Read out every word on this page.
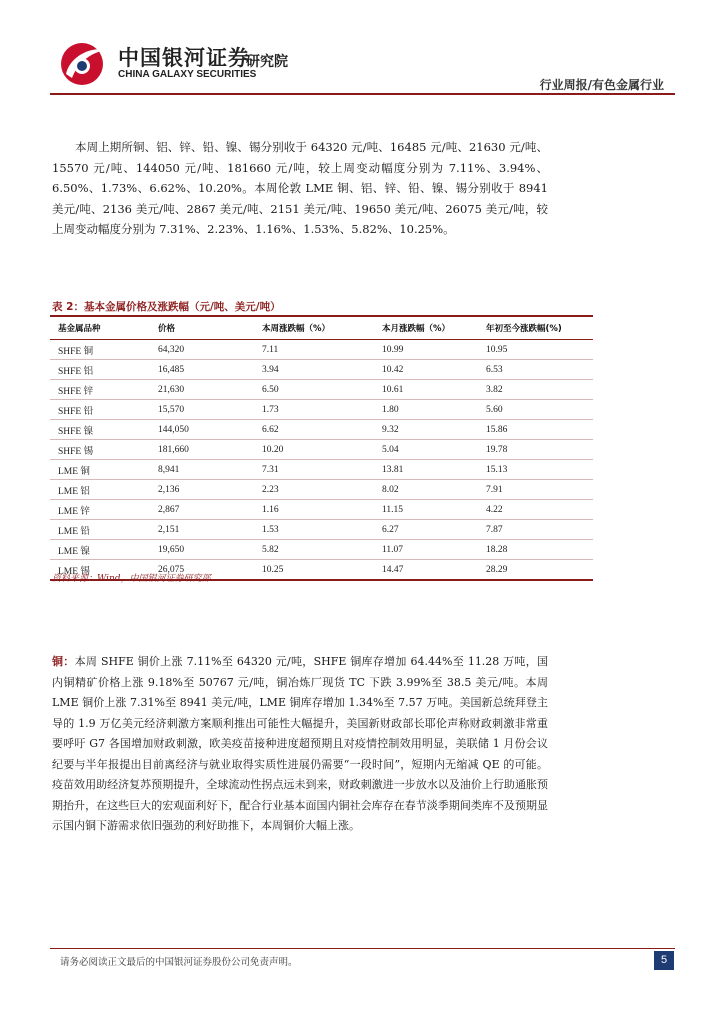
中国银河证券
CHINA GALAXY SECURITIES
研究院
行业周报/有色金属行业

本周上期所铜、铝、锌、铅、镍、锡分别收于 64320 元/吨、16485 元/吨、21630 元/吨、15570 元/吨、144050 元/吨、181660 元/吨，较上周变动幅度分别为 7.11%、3.94%、6.50%、1.73%、6.62%、10.20%。本周伦敦 LME 铜、铝、锌、铅、镍、锡分别收于 8941 美元/吨、2136 美元/吨、2867 美元/吨、2151 美元/吨、19650 美元/吨、26075 美元/吨，较上周变动幅度分别为 7.31%、2.23%、1.16%、1.53%、5.82%、10.25%。

表 2：基本金属价格及涨跌幅（元/吨、美元/吨）
基金属品种	价格	本周涨跌幅（%）	本月涨跌幅（%）	年初至今涨跌幅(%)
SHFE 铜	64,320	7.11	10.99	10.95
SHFE 铝	16,485	3.94	10.42	6.53
SHFE 锌	21,630	6.50	10.61	3.82
SHFE 铅	15,570	1.73	1.80	5.60
SHFE 镍	144,050	6.62	9.32	15.86
SHFE 锡	181,660	10.20	5.04	19.78
LME 铜	8,941	7.31	13.81	15.13
LME 铝	2,136	2.23	8.02	7.91
LME 锌	2,867	1.16	11.15	4.22
LME 铅	2,151	1.53	6.27	7.87
LME 镍	19,650	5.82	11.07	18.28
LME 锡	26,075	10.25	14.47	28.29
资料来源：Wind，中国银河证券研究部

铜：本周 SHFE 铜价上涨 7.11%至 64320 元/吨，SHFE 铜库存增加 64.44%至 11.28 万吨，国内铜精矿价格上涨 9.18%至 50767 元/吨，铜冶炼厂现货 TC 下跌 3.99%至 38.5 美元/吨。本周 LME 铜价上涨 7.31%至 8941 美元/吨，LME 铜库存增加 1.34%至 7.57 万吨。美国新总统拜登主导的 1.9 万亿美元经济刺激方案顺利推出可能性大幅提升，美国新财政部长耶伦声称财政刺激非常重要呼吁 G7 各国增加财政刺激，欧美疫苗接种进度超预期且对疫情控制效用明显，美联储 1 月份会议纪要与半年报提出目前离经济与就业取得实质性进展仍需要“一段时间”，短期内无缩减 QE 的可能。疫苗效用助经济复苏预期提升，全球流动性拐点远未到来，财政刺激进一步放水以及油价上行助通胀预期抬升，在这些巨大的宏观面利好下，配合行业基本面国内铜社会库存在春节淡季期间类库不及预期显示国内铜下游需求依旧强劲的利好助推下，本周铜价大幅上涨。

请务必阅读正文最后的中国银河证券股份公司免责声明。	5
